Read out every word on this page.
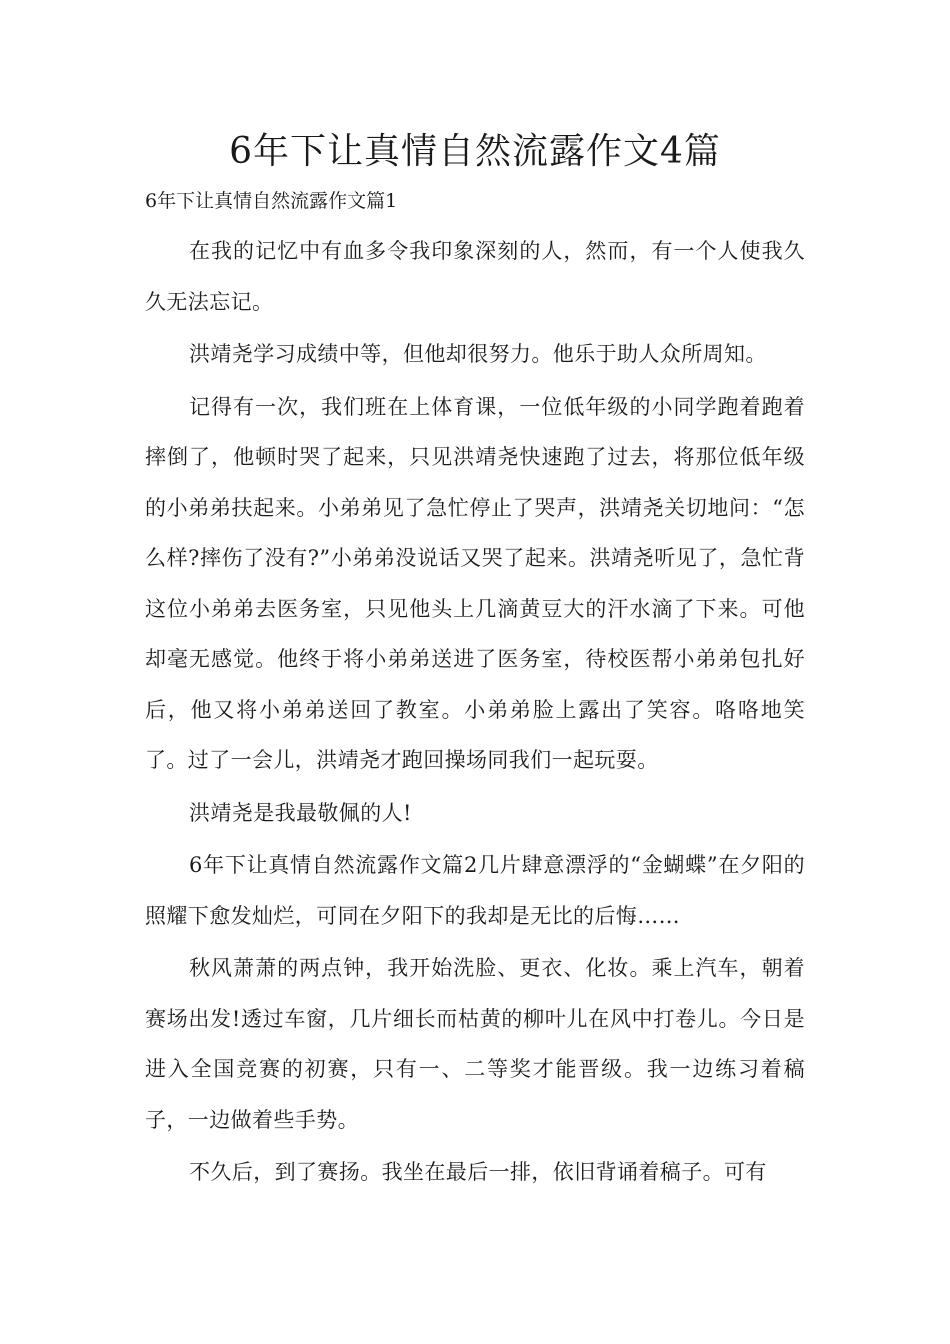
6年下让真情自然流露作文4篇

6年下让真情自然流露作文篇1

在我的记忆中有血多令我印象深刻的人，然而，有一个人使我久久无法忘记。

洪靖尧学习成绩中等，但他却很努力。他乐于助人众所周知。

记得有一次，我们班在上体育课，一位低年级的小同学跑着跑着摔倒了，他顿时哭了起来，只见洪靖尧快速跑了过去，将那位低年级的小弟弟扶起来。小弟弟见了急忙停止了哭声，洪靖尧关切地问：“怎么样?摔伤了没有?”小弟弟没说话又哭了起来。洪靖尧听见了，急忙背这位小弟弟去医务室，只见他头上几滴黄豆大的汗水滴了下来。可他却毫无感觉。他终于将小弟弟送进了医务室，待校医帮小弟弟包扎好后，他又将小弟弟送回了教室。小弟弟脸上露出了笑容。咯咯地笑了。过了一会儿，洪靖尧才跑回操场同我们一起玩耍。

洪靖尧是我最敬佩的人!

6年下让真情自然流露作文篇2几片肆意漂浮的“金蝴蝶”在夕阳的照耀下愈发灿烂，可同在夕阳下的我却是无比的后悔……

秋风萧萧的两点钟，我开始洗脸、更衣、化妆。乘上汽车，朝着赛场出发!透过车窗，几片细长而枯黄的柳叶儿在风中打卷儿。今日是进入全国竞赛的初赛，只有一、二等奖才能晋级。我一边练习着稿子，一边做着些手势。

不久后，到了赛扬。我坐在最后一排，依旧背诵着稿子。可有
